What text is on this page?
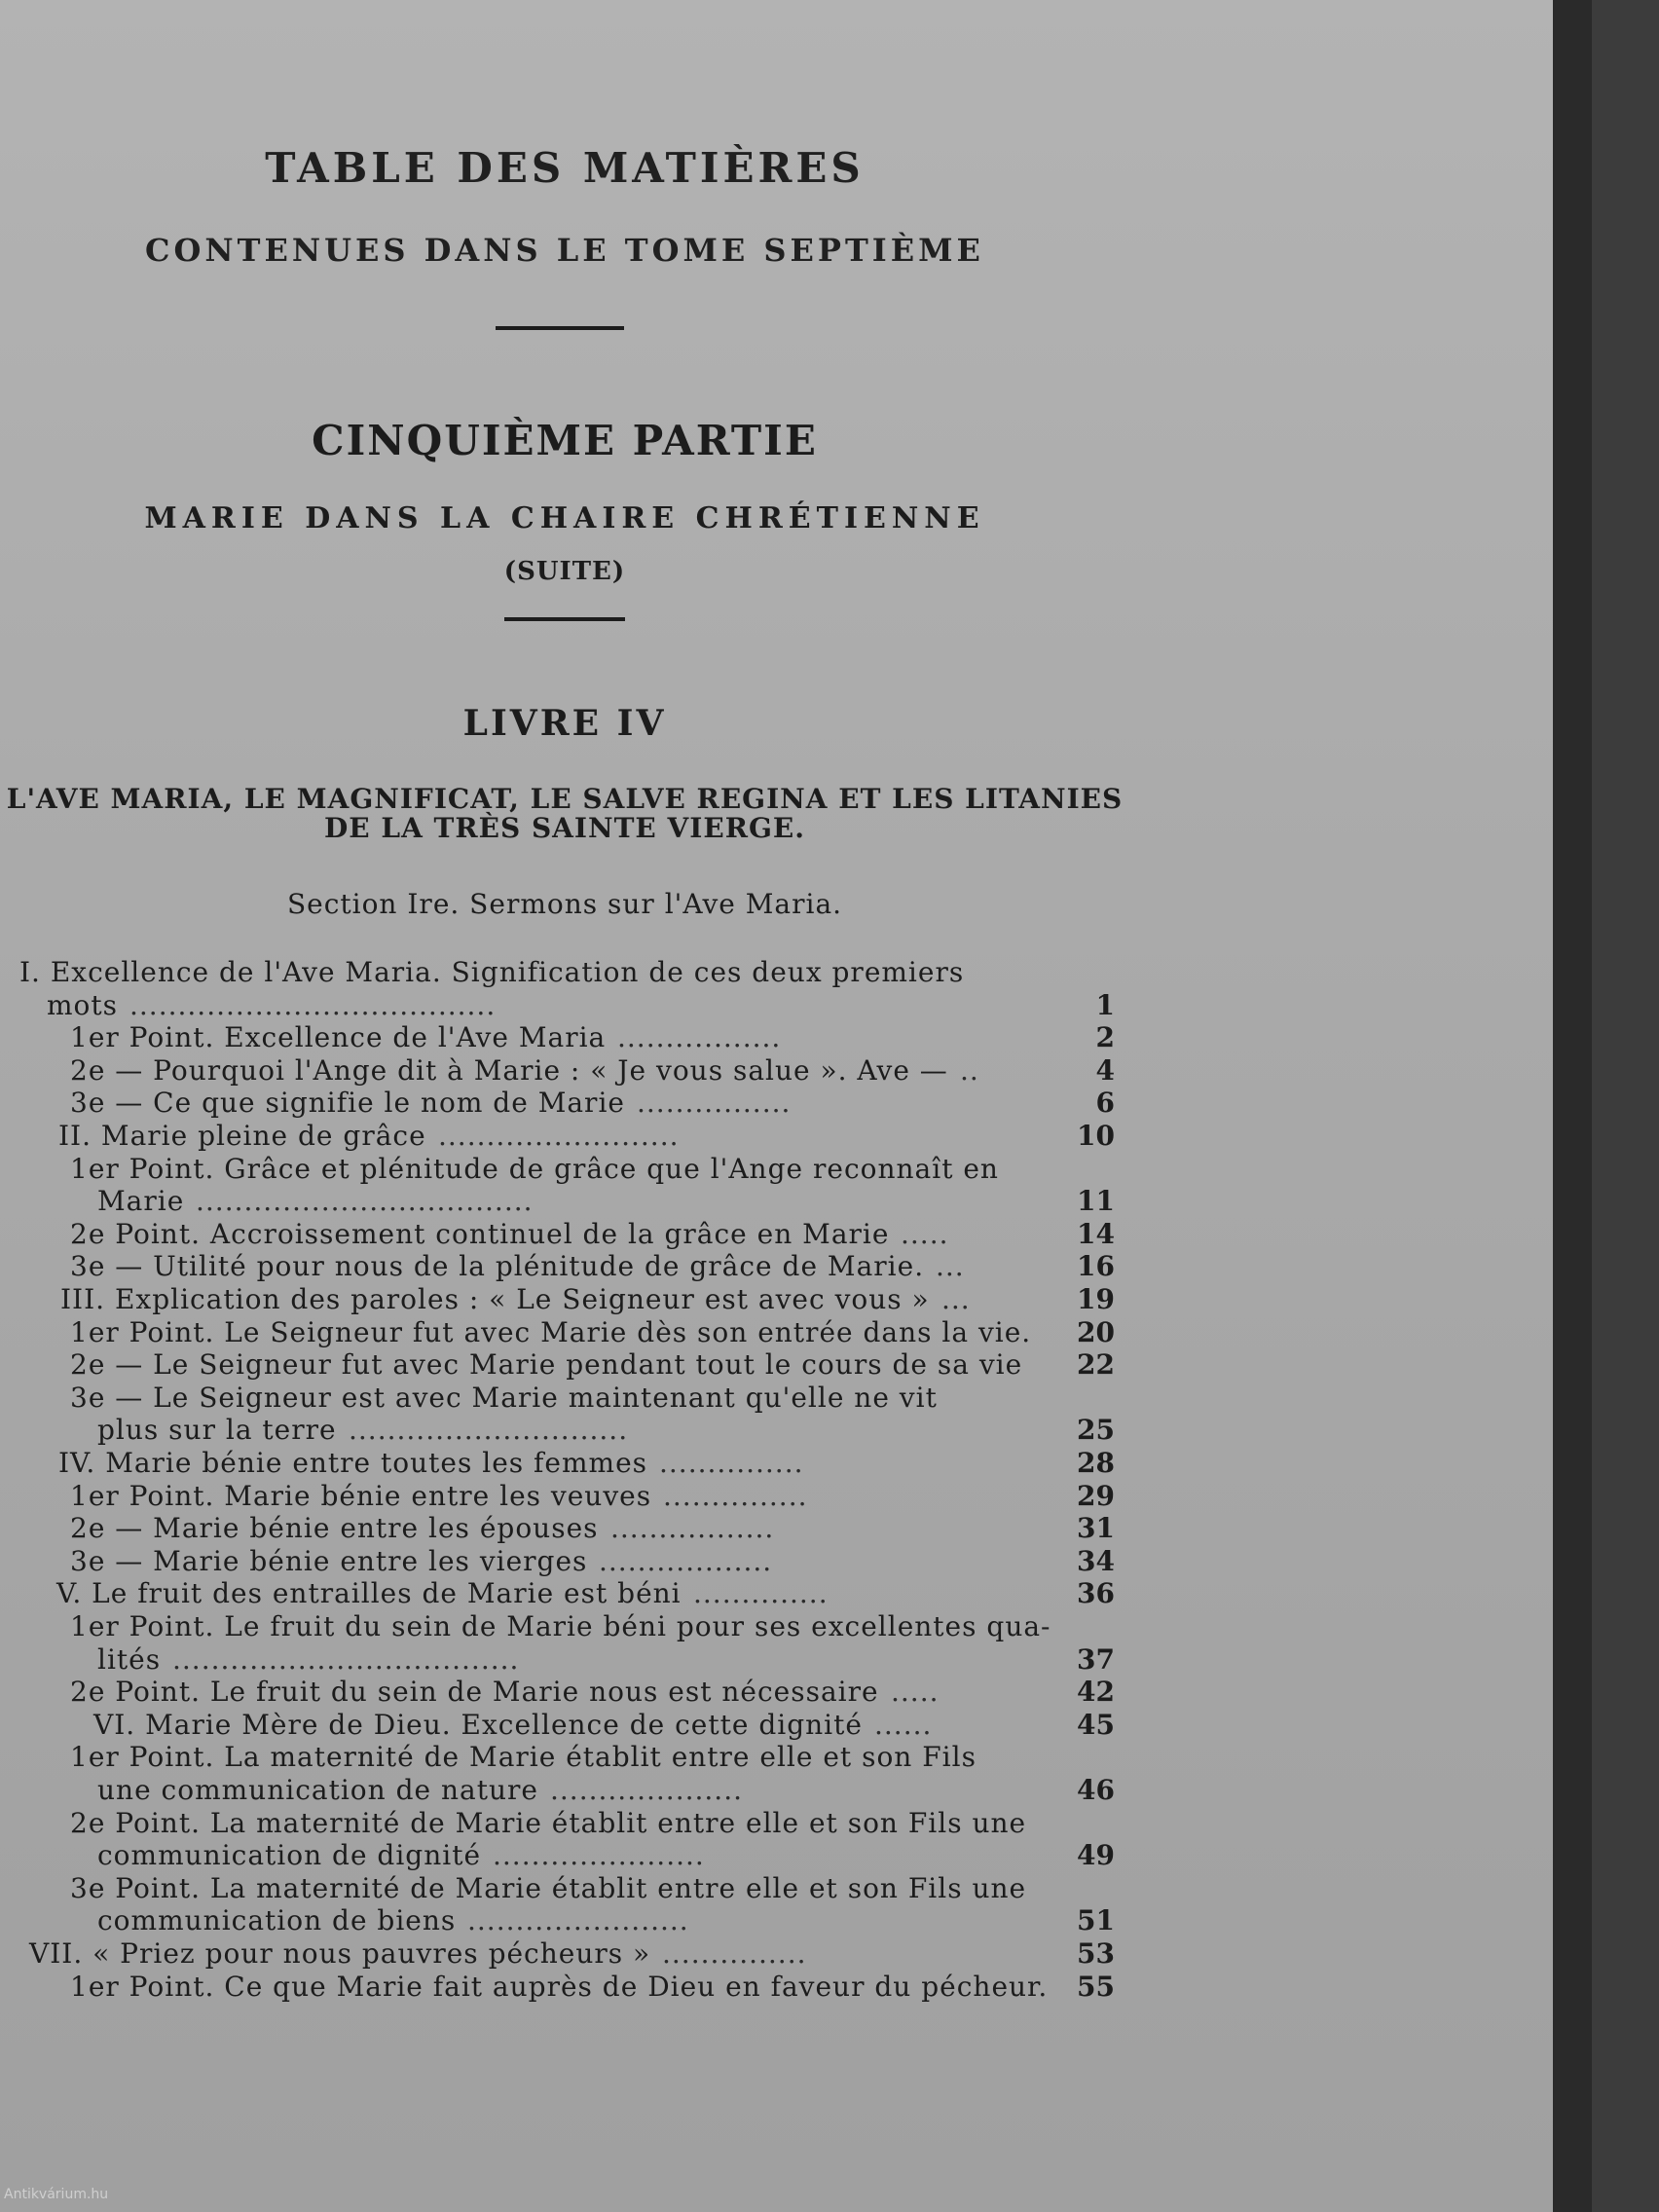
TABLE DES MATIÈRES
CONTENUES DANS LE TOME SEPTIÈME
CINQUIÈME PARTIE
MARIE DANS LA CHAIRE CHRÉTIENNE
(SUITE)
LIVRE IV
L'AVE MARIA, LE MAGNIFICAT, LE SALVE REGINA ET LES LITANIES
DE LA TRÈS SAINTE VIERGE.
Section Ire. Sermons sur l'Ave Maria.
I. Excellence de l'Ave Maria. Signification de ces deux premiers
mots ......................................	1
1er Point. Excellence de l'Ave Maria .................	2
2e — Pourquoi l'Ange dit à Marie : « Je vous salue ». Ave — ..	4
3e — Ce que signifie le nom de Marie ................	6
II. Marie pleine de grâce .........................	10
1er Point. Grâce et plénitude de grâce que l'Ange reconnaît en
Marie ...................................	11
2e Point. Accroissement continuel de la grâce en Marie .....	14
3e — Utilité pour nous de la plénitude de grâce de Marie. ...	16
III. Explication des paroles : « Le Seigneur est avec vous » ...	19
1er Point. Le Seigneur fut avec Marie dès son entrée dans la vie. 20
2e — Le Seigneur fut avec Marie pendant tout le cours de sa vie 22
3e — Le Seigneur est avec Marie maintenant qu'elle ne vit
plus sur la terre .............................	25
IV. Marie bénie entre toutes les femmes ...............	28
1er Point. Marie bénie entre les veuves ...............	29
2e — Marie bénie entre les épouses .................	31
3e — Marie bénie entre les vierges ..................	34
V. Le fruit des entrailles de Marie est béni ..............	36
1er Point. Le fruit du sein de Marie béni pour ses excellentes qua-
lités ....................................	37
2e Point. Le fruit du sein de Marie nous est nécessaire .....	42
VI. Marie Mère de Dieu. Excellence de cette dignité ......	45
1er Point. La maternité de Marie établit entre elle et son Fils
une communication de nature ....................	46
2e Point. La maternité de Marie établit entre elle et son Fils une
communication de dignité ......................	49
3e Point. La maternité de Marie établit entre elle et son Fils une
communication de biens .......................	51
VII. « Priez pour nous pauvres pécheurs » ...............	53
1er Point. Ce que Marie fait auprès de Dieu en faveur du pécheur. 55
Antikvárium.hu
